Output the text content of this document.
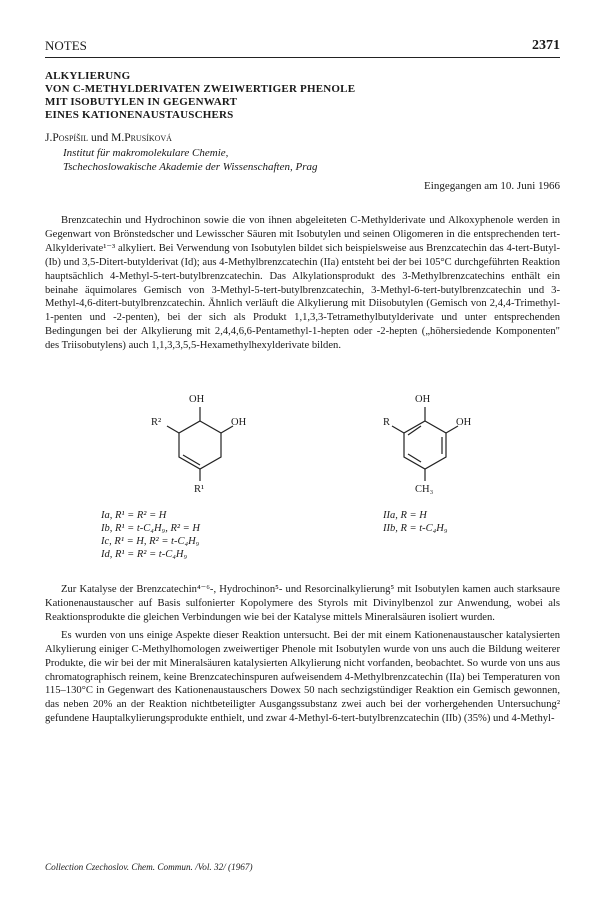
NOTES	2371
ALKYLIERUNG
VON C-METHYLDERIVATEN ZWEIWERTIGER PHENOLE
MIT ISOBUTYLEN IN GEGENWART
EINES KATIONENAUSTAUSCHERS
J.Pospíšil und M.Prusíková
Institut für makromolekulare Chemie,
Tschechoslowakische Akademie der Wissenschaften, Prag
Eingegangen am 10. Juni 1966

Brenzcatechin und Hydrochinon sowie die von ihnen abgeleiteten C-Methylderivate und Alkoxyphenole werden in Gegenwart von Brönstedscher und Lewisscher Säuren mit Isobutylen und seinen Oligomeren in die entsprechenden tert-Alkylderivate¹⁻³ alkyliert. Bei Verwendung von Isobutylen bildet sich beispielsweise aus Brenzcatechin das 4-tert-Butyl-(Ib) und 3,5-Ditert-butylderivat (Id); aus 4-Methylbrenzcatechin (IIa) entsteht bei der bei 105°C durchgeführten Reaktion hauptsächlich 4-Methyl-5-tert-butylbrenzcatechin. Das Alkylationsprodukt des 3-Methylbrenzcatechins enthält ein beinahe äquimolares Gemisch von 3-Methyl-5-tert-butylbrenzcatechin, 3-Methyl-6-tert-butylbrenzcatechin und 3-Methyl-4,6-ditert-butylbrenzcatechin. Ähnlich verläuft die Alkylierung mit Diisobutylen (Gemisch von 2,4,4-Trimethyl-1-penten und -2-penten), bei der sich als Produkt 1,1,3,3-Tetramethylbutylderivate und unter entsprechenden Bedingungen bei der Alkylierung mit 2,4,4,6,6-Pentamethyl-1-hepten oder -2-hepten („höhersiedende Komponenten" des Triisobutylens) auch 1,1,3,3,5,5-Hexamethylhexylderivate bilden.

OH
OH
R²
R¹
OH
OH
R
CH₃
Ia, R¹ = R² = H
Ib, R¹ = t-C₄H₉, R² = H
Ic, R¹ = H, R² = t-C₄H₉
Id, R¹ = R² = t-C₄H₉
IIa, R = H
IIb, R = t-C₄H₉

Zur Katalyse der Brenzcatechin⁴⁻⁶-, Hydrochinon⁵- und Resorcinalkylierung⁵ mit Isobutylen kamen auch starksaure Kationenaustauscher auf Basis sulfonierter Kopolymere des Styrols mit Divinylbenzol zur Anwendung, wobei als Reaktionsprodukte die gleichen Verbindungen wie bei der Katalyse mittels Mineralsäuren isoliert wurden.

Es wurden von uns einige Aspekte dieser Reaktion untersucht. Bei der mit einem Kationenaustauscher katalysierten Alkylierung einiger C-Methylhomologen zweiwertiger Phenole mit Isobutylen wurde von uns auch die Bildung weiterer Produkte, die wir bei der mit Mineralsäuren katalysierten Alkylierung nicht vorfanden, beobachtet. So wurde von uns aus chromatographisch reinem, keine Brenzcatechinspuren aufweisendem 4-Methylbrenzcatechin (IIa) bei Temperaturen von 115–130°C in Gegenwart des Kationenaustauschers Dowex 50 nach sechzigstündiger Reaktion ein Gemisch gewonnen, das neben 20% an der Reaktion nichtbeteiligter Ausgangssubstanz zwei auch bei der vorhergehenden Untersuchung² gefundene Hauptalkylierungsprodukte enthielt, und zwar 4-Methyl-6-tert-butylbrenzcatechin (IIb) (35%) und 4-Methyl-

Collection Czechoslov. Chem. Commun. /Vol. 32/ (1967)
